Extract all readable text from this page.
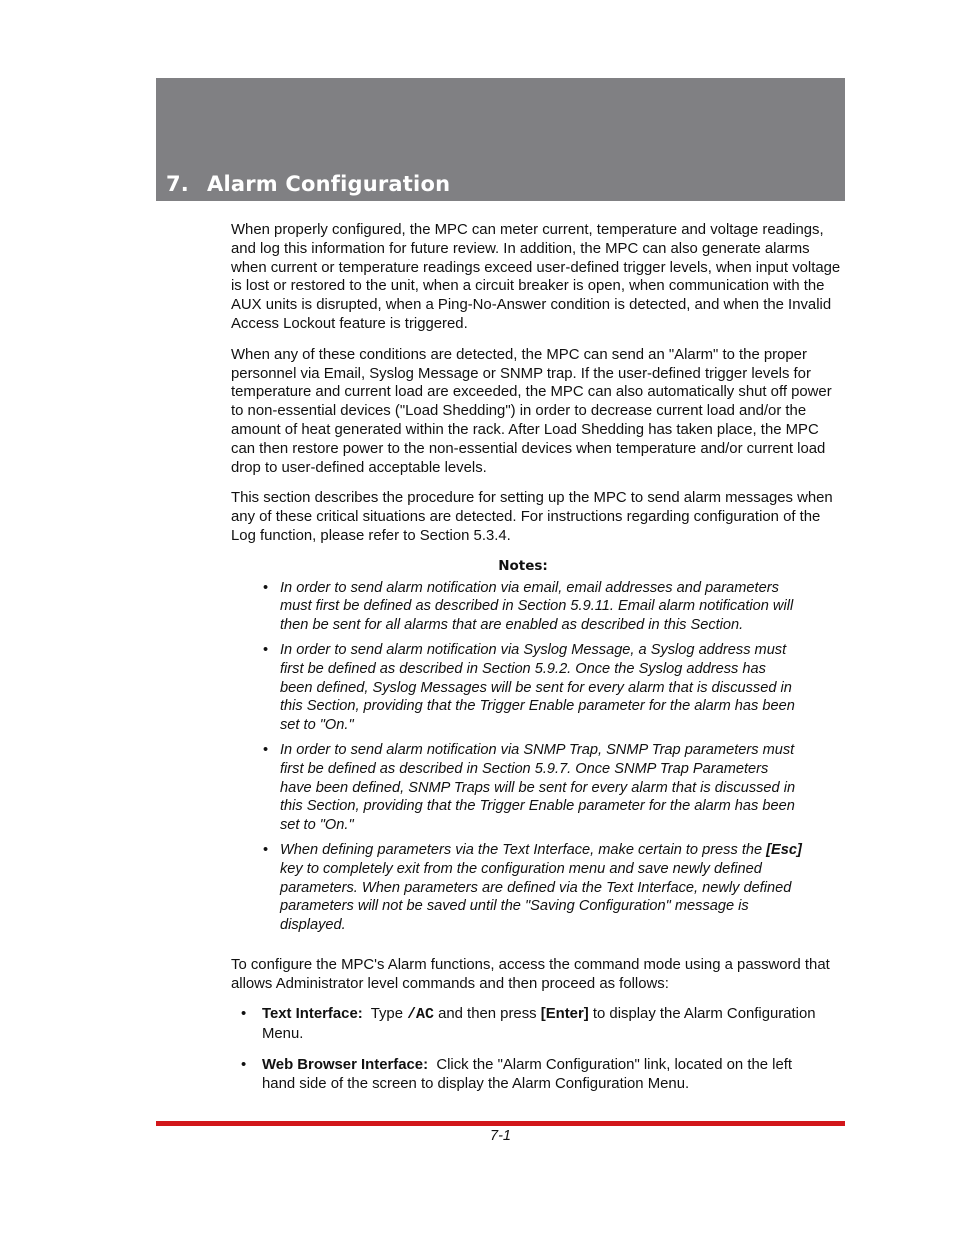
7. Alarm Configuration

When properly configured, the MPC can meter current, temperature and voltage readings, and log this information for future review. In addition, the MPC can also generate alarms when current or temperature readings exceed user-defined trigger levels, when input voltage is lost or restored to the unit, when a circuit breaker is open, when communication with the AUX units is disrupted, when a Ping-No-Answer condition is detected, and when the Invalid Access Lockout feature is triggered.

When any of these conditions are detected, the MPC can send an "Alarm" to the proper personnel via Email, Syslog Message or SNMP trap. If the user-defined trigger levels for temperature and current load are exceeded, the MPC can also automatically shut off power to non-essential devices ("Load Shedding") in order to decrease current load and/or the amount of heat generated within the rack. After Load Shedding has taken place, the MPC can then restore power to the non-essential devices when temperature and/or current load drop to user-defined acceptable levels.

This section describes the procedure for setting up the MPC to send alarm messages when any of these critical situations are detected. For instructions regarding configuration of the Log function, please refer to Section 5.3.4.

Notes:
• In order to send alarm notification via email, email addresses and parameters must first be defined as described in Section 5.9.11. Email alarm notification will then be sent for all alarms that are enabled as described in this Section.
• In order to send alarm notification via Syslog Message, a Syslog address must first be defined as described in Section 5.9.2. Once the Syslog address has been defined, Syslog Messages will be sent for every alarm that is discussed in this Section, providing that the Trigger Enable parameter for the alarm has been set to "On."
• In order to send alarm notification via SNMP Trap, SNMP Trap parameters must first be defined as described in Section 5.9.7. Once SNMP Trap Parameters have been defined, SNMP Traps will be sent for every alarm that is discussed in this Section, providing that the Trigger Enable parameter for the alarm has been set to "On."
• When defining parameters via the Text Interface, make certain to press the [Esc] key to completely exit from the configuration menu and save newly defined parameters. When parameters are defined via the Text Interface, newly defined parameters will not be saved until the "Saving Configuration" message is displayed.

To configure the MPC's Alarm functions, access the command mode using a password that allows Administrator level commands and then proceed as follows:

• Text Interface:  Type /AC and then press [Enter] to display the Alarm Configuration Menu.
• Web Browser Interface:  Click the "Alarm Configuration" link, located on the left hand side of the screen to display the Alarm Configuration Menu.
7-1
